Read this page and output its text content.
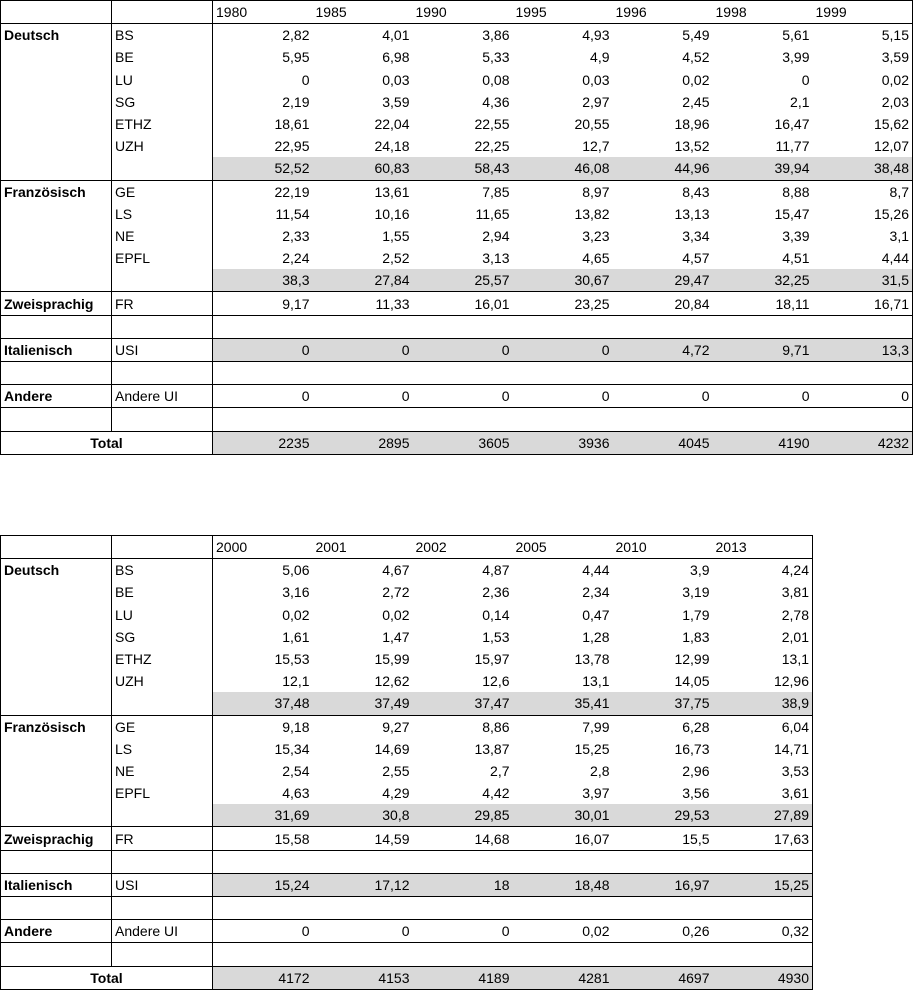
		1980	1985	1990	1995	1996	1998	1999
Deutsch	BS	2,82	4,01	3,86	4,93	5,49	5,61	5,15
	BE	5,95	6,98	5,33	4,9	4,52	3,99	3,59
	LU	0	0,03	0,08	0,03	0,02	0	0,02
	SG	2,19	3,59	4,36	2,97	2,45	2,1	2,03
	ETHZ	18,61	22,04	22,55	20,55	18,96	16,47	15,62
	UZH	22,95	24,18	22,25	12,7	13,52	11,77	12,07
		52,52	60,83	58,43	46,08	44,96	39,94	38,48
Französisch	GE	22,19	13,61	7,85	8,97	8,43	8,88	8,7
	LS	11,54	10,16	11,65	13,82	13,13	15,47	15,26
	NE	2,33	1,55	2,94	3,23	3,34	3,39	3,1
	EPFL	2,24	2,52	3,13	4,65	4,57	4,51	4,44
		38,3	27,84	25,57	30,67	29,47	32,25	31,5
Zweisprachig	FR	9,17	11,33	16,01	23,25	20,84	18,11	16,71

Italienisch	USI	0	0	0	0	4,72	9,71	13,3

Andere	Andere UI	0	0	0	0	0	0	0

Total		2235	2895	3605	3936	4045	4190	4232
		2000	2001	2002	2005	2010	2013
Deutsch	BS	5,06	4,67	4,87	4,44	3,9	4,24
	BE	3,16	2,72	2,36	2,34	3,19	3,81
	LU	0,02	0,02	0,14	0,47	1,79	2,78
	SG	1,61	1,47	1,53	1,28	1,83	2,01
	ETHZ	15,53	15,99	15,97	13,78	12,99	13,1
	UZH	12,1	12,62	12,6	13,1	14,05	12,96
		37,48	37,49	37,47	35,41	37,75	38,9
Französisch	GE	9,18	9,27	8,86	7,99	6,28	6,04
	LS	15,34	14,69	13,87	15,25	16,73	14,71
	NE	2,54	2,55	2,7	2,8	2,96	3,53
	EPFL	4,63	4,29	4,42	3,97	3,56	3,61
		31,69	30,8	29,85	30,01	29,53	27,89
Zweisprachig	FR	15,58	14,59	14,68	16,07	15,5	17,63

Italienisch	USI	15,24	17,12	18	18,48	16,97	15,25

Andere	Andere UI	0	0	0	0,02	0,26	0,32

Total		4172	4153	4189	4281	4697	4930
